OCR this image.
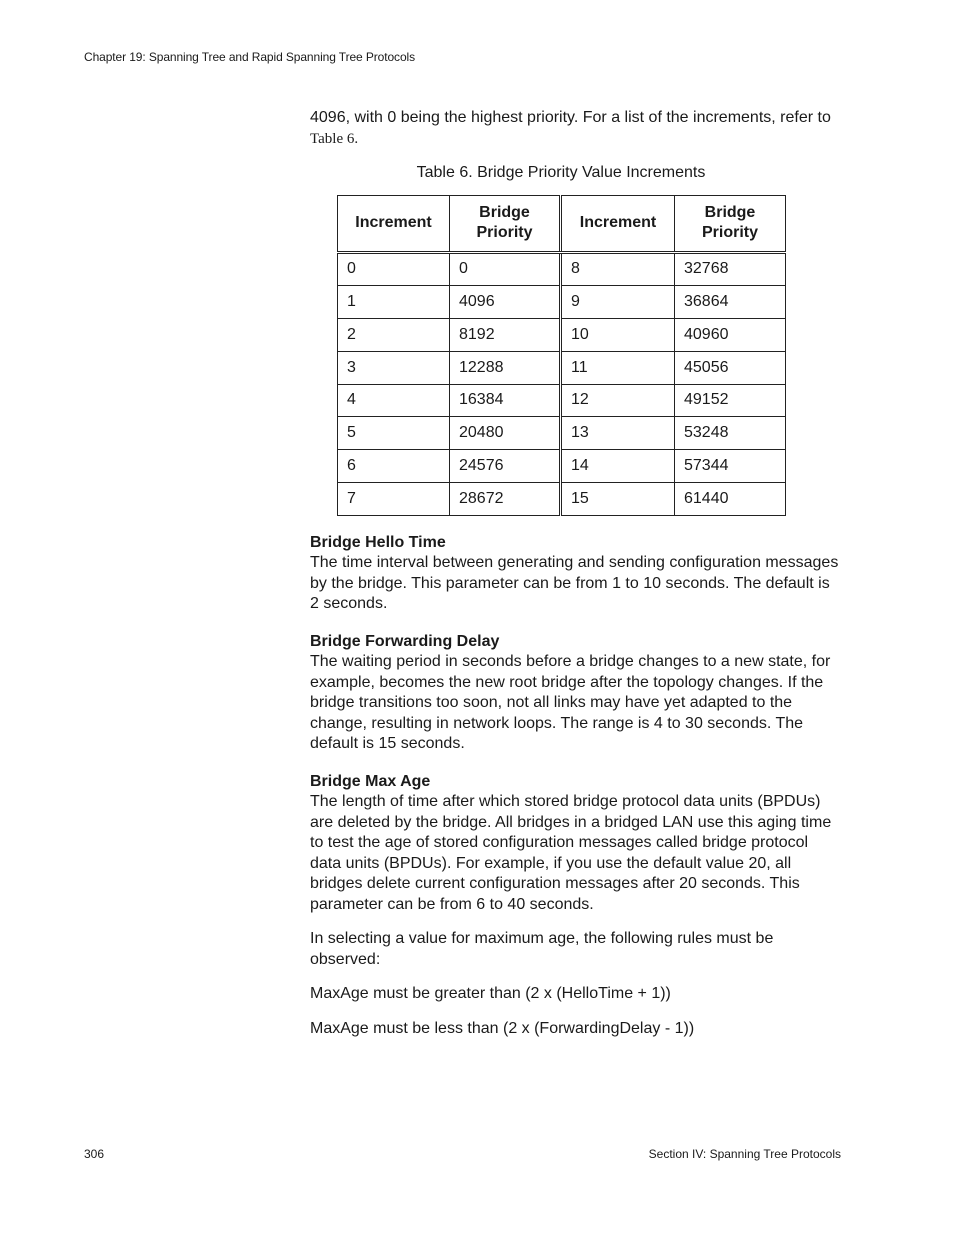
Chapter 19: Spanning Tree and Rapid Spanning Tree Protocols

4096, with 0 being the highest priority. For a list of the increments, refer to Table 6.

Table 6. Bridge Priority Value Increments
Increment	Bridge Priority	Increment	Bridge Priority
0	0	8	32768
1	4096	9	36864
2	8192	10	40960
3	12288	11	45056
4	16384	12	49152
5	20480	13	53248
6	24576	14	57344
7	28672	15	61440

Bridge Hello Time

The time interval between generating and sending configuration messages by the bridge. This parameter can be from 1 to 10 seconds. The default is 2 seconds.

Bridge Forwarding Delay

The waiting period in seconds before a bridge changes to a new state, for example, becomes the new root bridge after the topology changes. If the bridge transitions too soon, not all links may have yet adapted to the change, resulting in network loops. The range is 4 to 30 seconds. The default is 15 seconds.

Bridge Max Age

The length of time after which stored bridge protocol data units (BPDUs) are deleted by the bridge. All bridges in a bridged LAN use this aging time to test the age of stored configuration messages called bridge protocol data units (BPDUs). For example, if you use the default value 20, all bridges delete current configuration messages after 20 seconds. This parameter can be from 6 to 40 seconds.

In selecting a value for maximum age, the following rules must be observed:

MaxAge must be greater than (2 x (HelloTime + 1))

MaxAge must be less than (2 x (ForwardingDelay - 1))

306	Section IV: Spanning Tree Protocols
